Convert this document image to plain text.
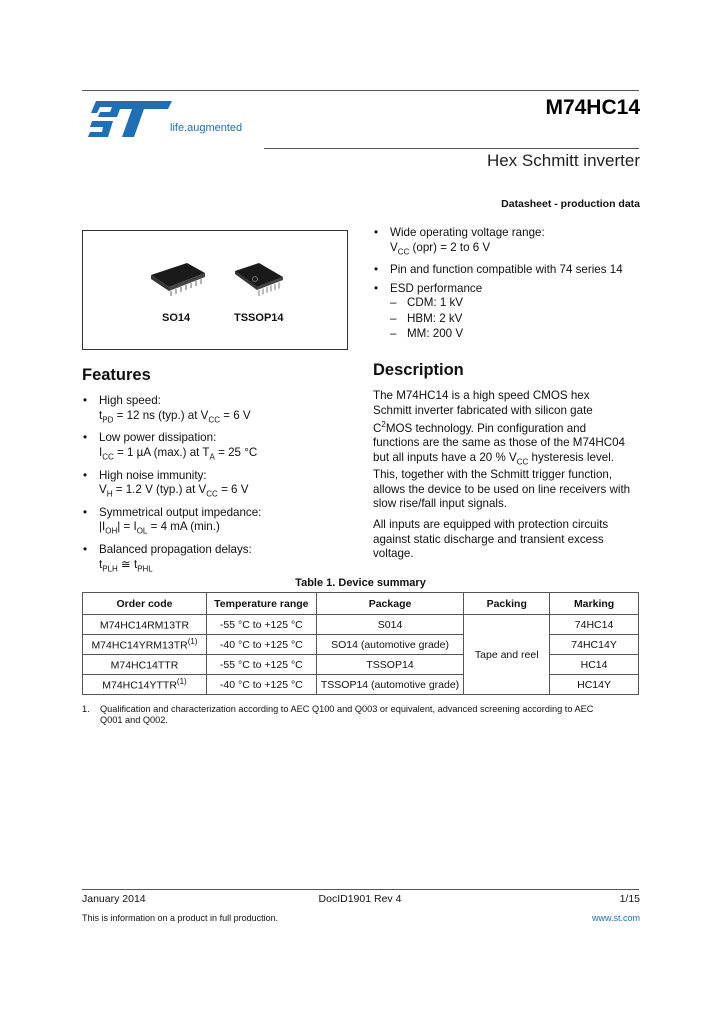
life.augmented
M74HC14
Hex Schmitt inverter
Datasheet - production data
SO14	TSSOP14
• Wide operating voltage range:
$V_{CC}$ (opr) = 2 to 6 V
• Pin and function compatible with 74 series 14
• ESD performance
– CDM: 1 kV
– HBM: 2 kV
– MM: 200 V
Features
• High speed:
$t_{PD} = 12$ ns (typ.) at $V_{CC} = 6$ V
• Low power dissipation:
$I_{CC} = 1$ µA (max.) at $T_A = 25$ °C
• High noise immunity:
$V_H = 1.2$ V (typ.) at $V_{CC} = 6$ V
• Symmetrical output impedance:
$|I_{OH}| = I_{OL} = 4$ mA (min.)
• Balanced propagation delays:
$t_{PLH}$ ≅ $t_{PHL}$
Description
The M74HC14 is a high speed CMOS hex
Schmitt inverter fabricated with silicon gate
$C^2MOS$ technology. Pin configuration and
functions are the same as those of the M74HC04
but all inputs have a 20 % $V_{CC}$ hysteresis level.
This, together with the Schmitt trigger function,
allows the device to be used on line receivers with
slow rise/fall input signals.
All inputs are equipped with protection circuits
against static discharge and transient excess
voltage.
Table 1. Device summary
Order code	Temperature range	Package	Packing	Marking
M74HC14RM13TR	-55 °C to +125 °C	S014	Tape and reel	74HC14
M74HC14YRM13TR$^{(1)}$	-40 °C to +125 °C	SO14 (automotive grade)		74HC14Y
M74HC14TTR	-55 °C to +125 °C	TSSOP14		HC14
M74HC14YTTR$^{(1)}$	-40 °C to +125 °C	TSSOP14 (automotive grade)		HC14Y
1. Qualification and characterization according to AEC Q100 and Q003 or equivalent, advanced screening according to AEC
Q001 and Q002.
January 2014	DocID1901 Rev 4	1/15
This is information on a product in full production.	www.st.com
